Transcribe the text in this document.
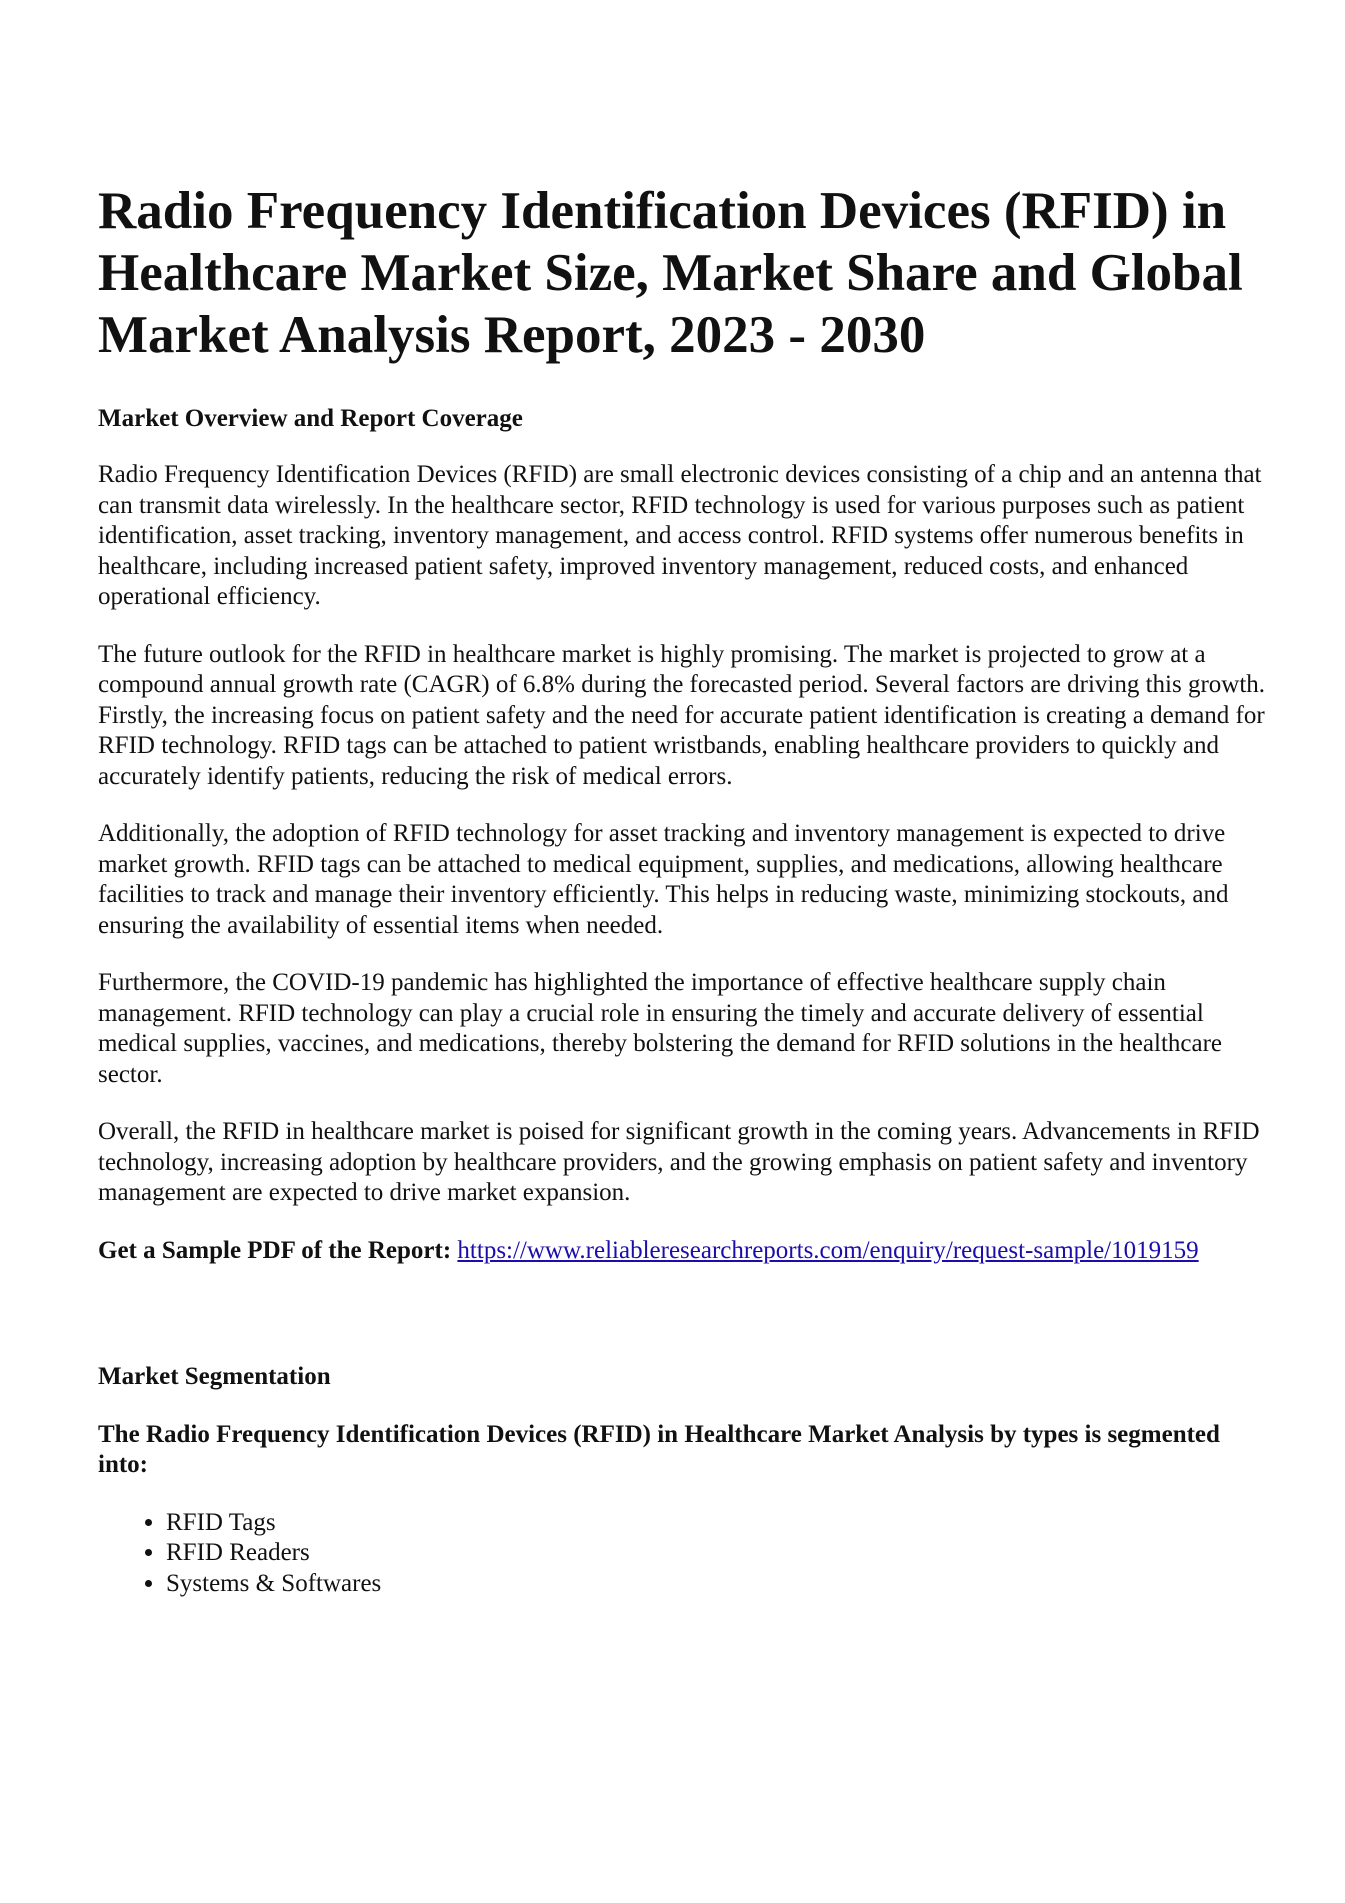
Radio Frequency Identification Devices (RFID) in Healthcare Market Size, Market Share and Global Market Analysis Report, 2023 - 2030
Market Overview and Report Coverage

Radio Frequency Identification Devices (RFID) are small electronic devices consisting of a chip and an antenna that can transmit data wirelessly. In the healthcare sector, RFID technology is used for various purposes such as patient identification, asset tracking, inventory management, and access control. RFID systems offer numerous benefits in healthcare, including increased patient safety, improved inventory management, reduced costs, and enhanced operational efficiency.

The future outlook for the RFID in healthcare market is highly promising. The market is projected to grow at a compound annual growth rate (CAGR) of 6.8% during the forecasted period. Several factors are driving this growth. Firstly, the increasing focus on patient safety and the need for accurate patient identification is creating a demand for RFID technology. RFID tags can be attached to patient wristbands, enabling healthcare providers to quickly and accurately identify patients, reducing the risk of medical errors.

Additionally, the adoption of RFID technology for asset tracking and inventory management is expected to drive market growth. RFID tags can be attached to medical equipment, supplies, and medications, allowing healthcare facilities to track and manage their inventory efficiently. This helps in reducing waste, minimizing stockouts, and ensuring the availability of essential items when needed.

Furthermore, the COVID-19 pandemic has highlighted the importance of effective healthcare supply chain management. RFID technology can play a crucial role in ensuring the timely and accurate delivery of essential medical supplies, vaccines, and medications, thereby bolstering the demand for RFID solutions in the healthcare sector.

Overall, the RFID in healthcare market is poised for significant growth in the coming years. Advancements in RFID technology, increasing adoption by healthcare providers, and the growing emphasis on patient safety and inventory management are expected to drive market expansion.

Get a Sample PDF of the Report: https://www.reliableresearchreports.com/enquiry/request-sample/1019159

Market Segmentation
The Radio Frequency Identification Devices (RFID) in Healthcare Market Analysis by types is segmented into:
• RFID Tags
• RFID Readers
• Systems & Softwares
